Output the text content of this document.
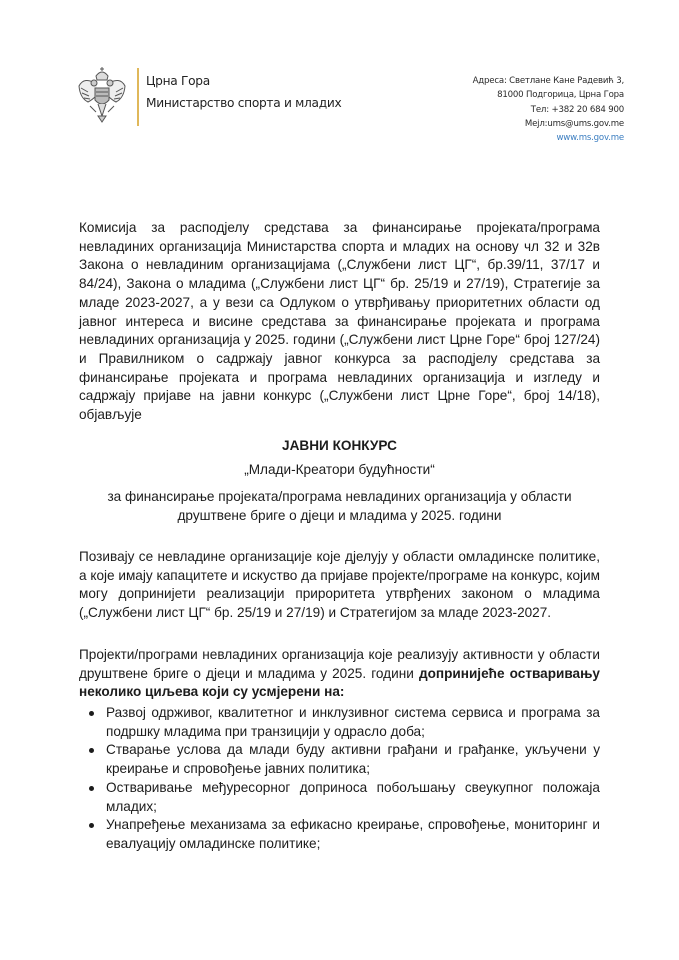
Црна Гора
Министарство спорта и младих
Адреса: Светлане Кане Радевић 3,
81000 Подгорица, Црна Гора
Тел: +382 20 684 900
Мејл:ums@ums.gov.me
www.ms.gov.me

Комисија за расподјелу средстава за финансирање пројеката/програма невладиних организација Министарства спорта и младих на основу чл 32 и 32в Закона о невладиним организацијама („Службени лист ЦГ“, бр.39/11, 37/17 и 84/24), Закона о младима („Службени лист ЦГ“ бр. 25/19 и 27/19), Стратегије за младе 2023-2027, а у вези са Одлуком о утврђивању приоритетних области од јавног интереса и висине средстава за финансирање пројеката и програма невладиних организација у 2025. години („Службени лист Црне Горе“ број 127/24) и Правилником о садржају јавног конкурса за расподјелу средстава за финансирање пројеката и програма невладиних организација и изгледу и садржају пријаве на јавни конкурс („Службени лист Црне Горе“, број 14/18), објављује

ЈАВНИ КОНКУРС
„Млади-Креатори будућности“
за финансирање пројеката/програма невладиних организација у области друштвене бриге о дјеци и младима у 2025. години

Позивају се невладине организације које дјелују у области омладинске политике, а које имају капацитете и искуство да пријаве пројекте/програме на конкурс, којим могу допринијети реализацији прироритета утврђених законом о младима („Службени лист ЦГ“ бр. 25/19 и 27/19) и Стратегијом за младе 2023-2027.

Пројекти/програми невладиних организација које реализују активности у области друштвене бриге о дјеци и младима у 2025. години допринијеће остваривању неколико циљева који су усмјерени на:

Развој одрживог, квалитетног и инклузивног система сервиса и програма за подршку младима при транзицији у одрасло доба;
Стварање услова да млади буду активни грађани и грађанке, укључени у креирање и спровођење јавних политика;
Остваривање међуресорног доприноса побољшању свеукупног положаја младих;
Унапређење механизама за ефикасно креирање, спровођење, мониторинг и евалуацију омладинске политике;
